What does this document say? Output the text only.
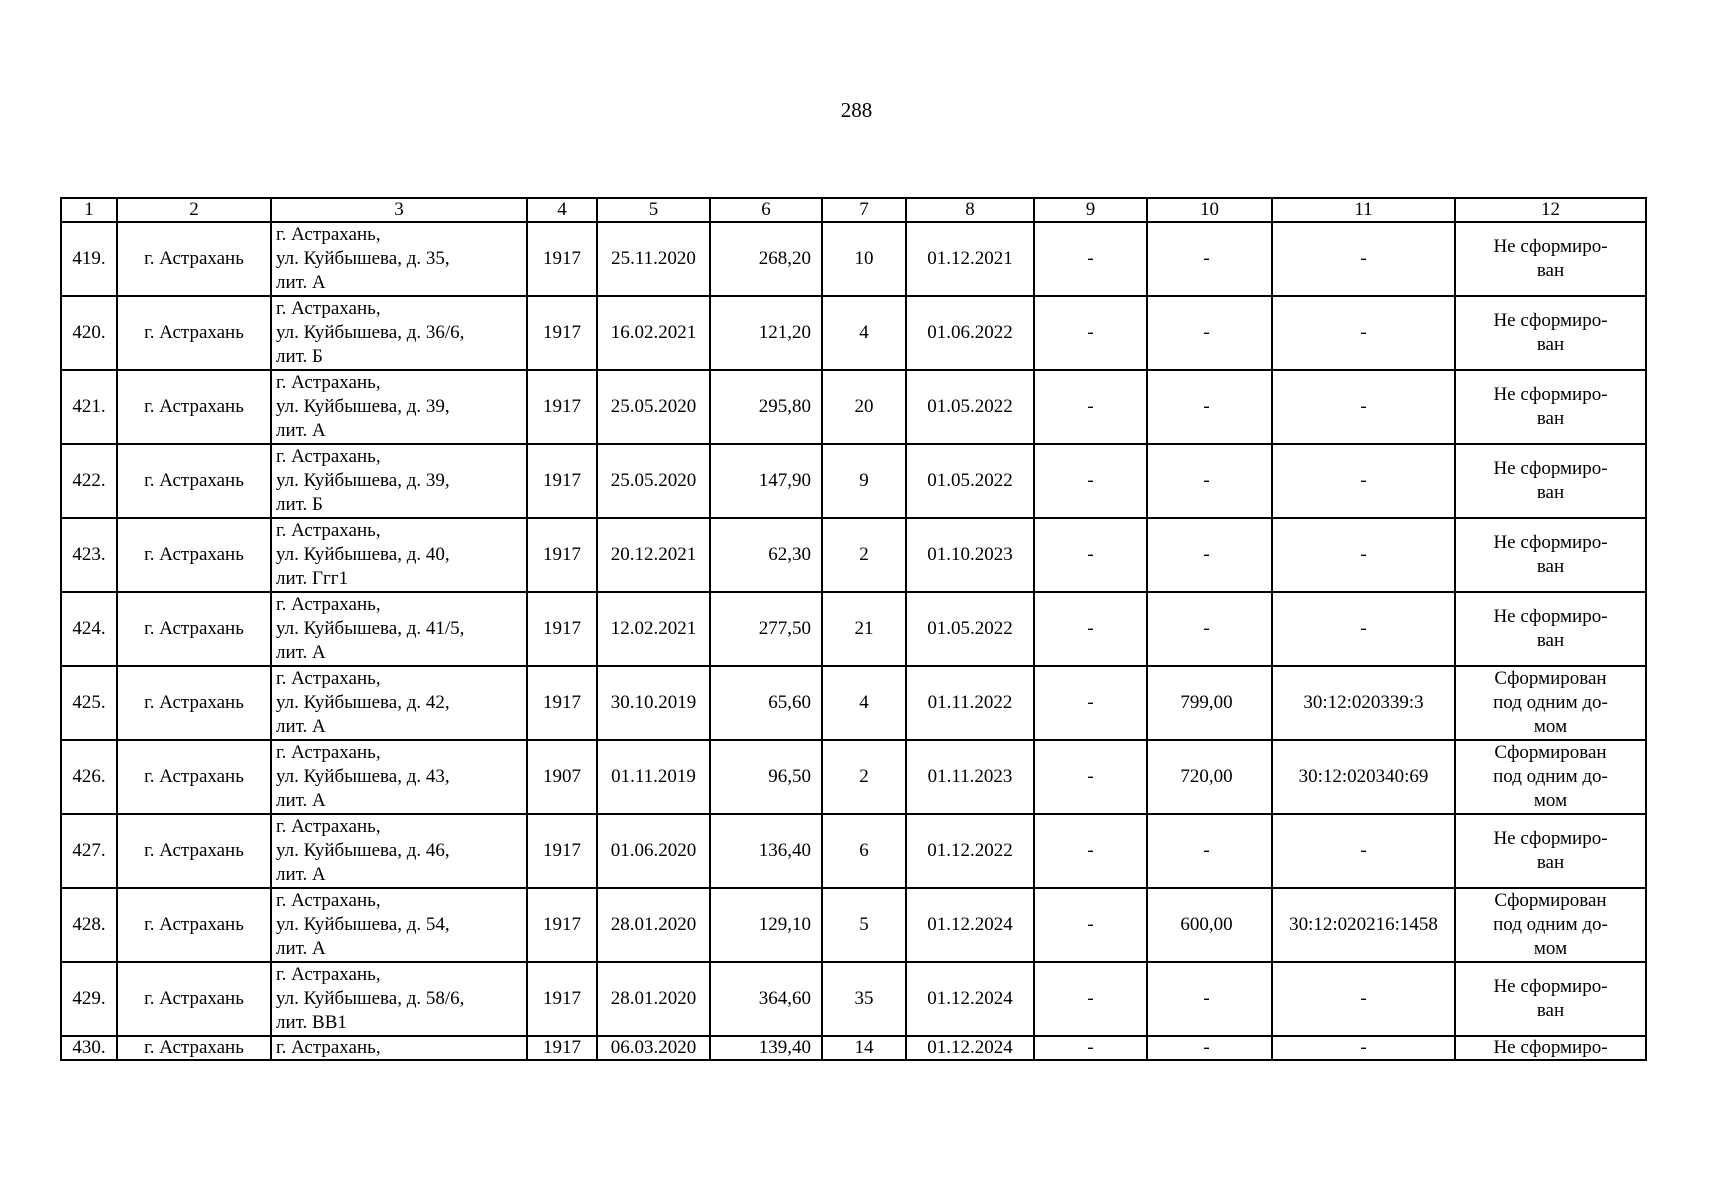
288
1	2	3	4	5	6	7	8	9	10	11	12
419.	г. Астрахань	г. Астрахань,
ул. Куйбышева, д. 35,
лит. А	1917	25.11.2020	268,20	10	01.12.2021	-	-	-	Не сформиро-
ван

420.	г. Астрахань	г. Астрахань,
ул. Куйбышева, д. 36/6,
лит. Б	1917	16.02.2021	121,20	4	01.06.2022	-	-	-	Не сформиро-
ван

421.	г. Астрахань	г. Астрахань,
ул. Куйбышева, д. 39,
лит. А	1917	25.05.2020	295,80	20	01.05.2022	-	-	-	Не сформиро-
ван

422.	г. Астрахань	г. Астрахань,
ул. Куйбышева, д. 39,
лит. Б	1917	25.05.2020	147,90	9	01.05.2022	-	-	-	Не сформиро-
ван

423.	г. Астрахань	г. Астрахань,
ул. Куйбышева, д. 40,
лит. Ггг1	1917	20.12.2021	62,30	2	01.10.2023	-	-	-	Не сформиро-
ван

424.	г. Астрахань	г. Астрахань,
ул. Куйбышева, д. 41/5,
лит. А	1917	12.02.2021	277,50	21	01.05.2022	-	-	-	Не сформиро-
ван

425.	г. Астрахань	г. Астрахань,
ул. Куйбышева, д. 42,
лит. А	1917	30.10.2019	65,60	4	01.11.2022	-	799,00	30:12:020339:3	Сформирован
под одним до-
мом

426.	г. Астрахань	г. Астрахань,
ул. Куйбышева, д. 43,
лит. А	1907	01.11.2019	96,50	2	01.11.2023	-	720,00	30:12:020340:69	Сформирован
под одним до-
мом

427.	г. Астрахань	г. Астрахань,
ул. Куйбышева, д. 46,
лит. А	1917	01.06.2020	136,40	6	01.12.2022	-	-	-	Не сформиро-
ван

428.	г. Астрахань	г. Астрахань,
ул. Куйбышева, д. 54,
лит. А	1917	28.01.2020	129,10	5	01.12.2024	-	600,00	30:12:020216:1458	Сформирован
под одним до-
мом

429.	г. Астрахань	г. Астрахань,
ул. Куйбышева, д. 58/6,
лит. ВВ1	1917	28.01.2020	364,60	35	01.12.2024	-	-	-	Не сформиро-
ван

430.	г. Астрахань	г. Астрахань,	1917	06.03.2020	139,40	14	01.12.2024	-	-	-	Не сформиро-
